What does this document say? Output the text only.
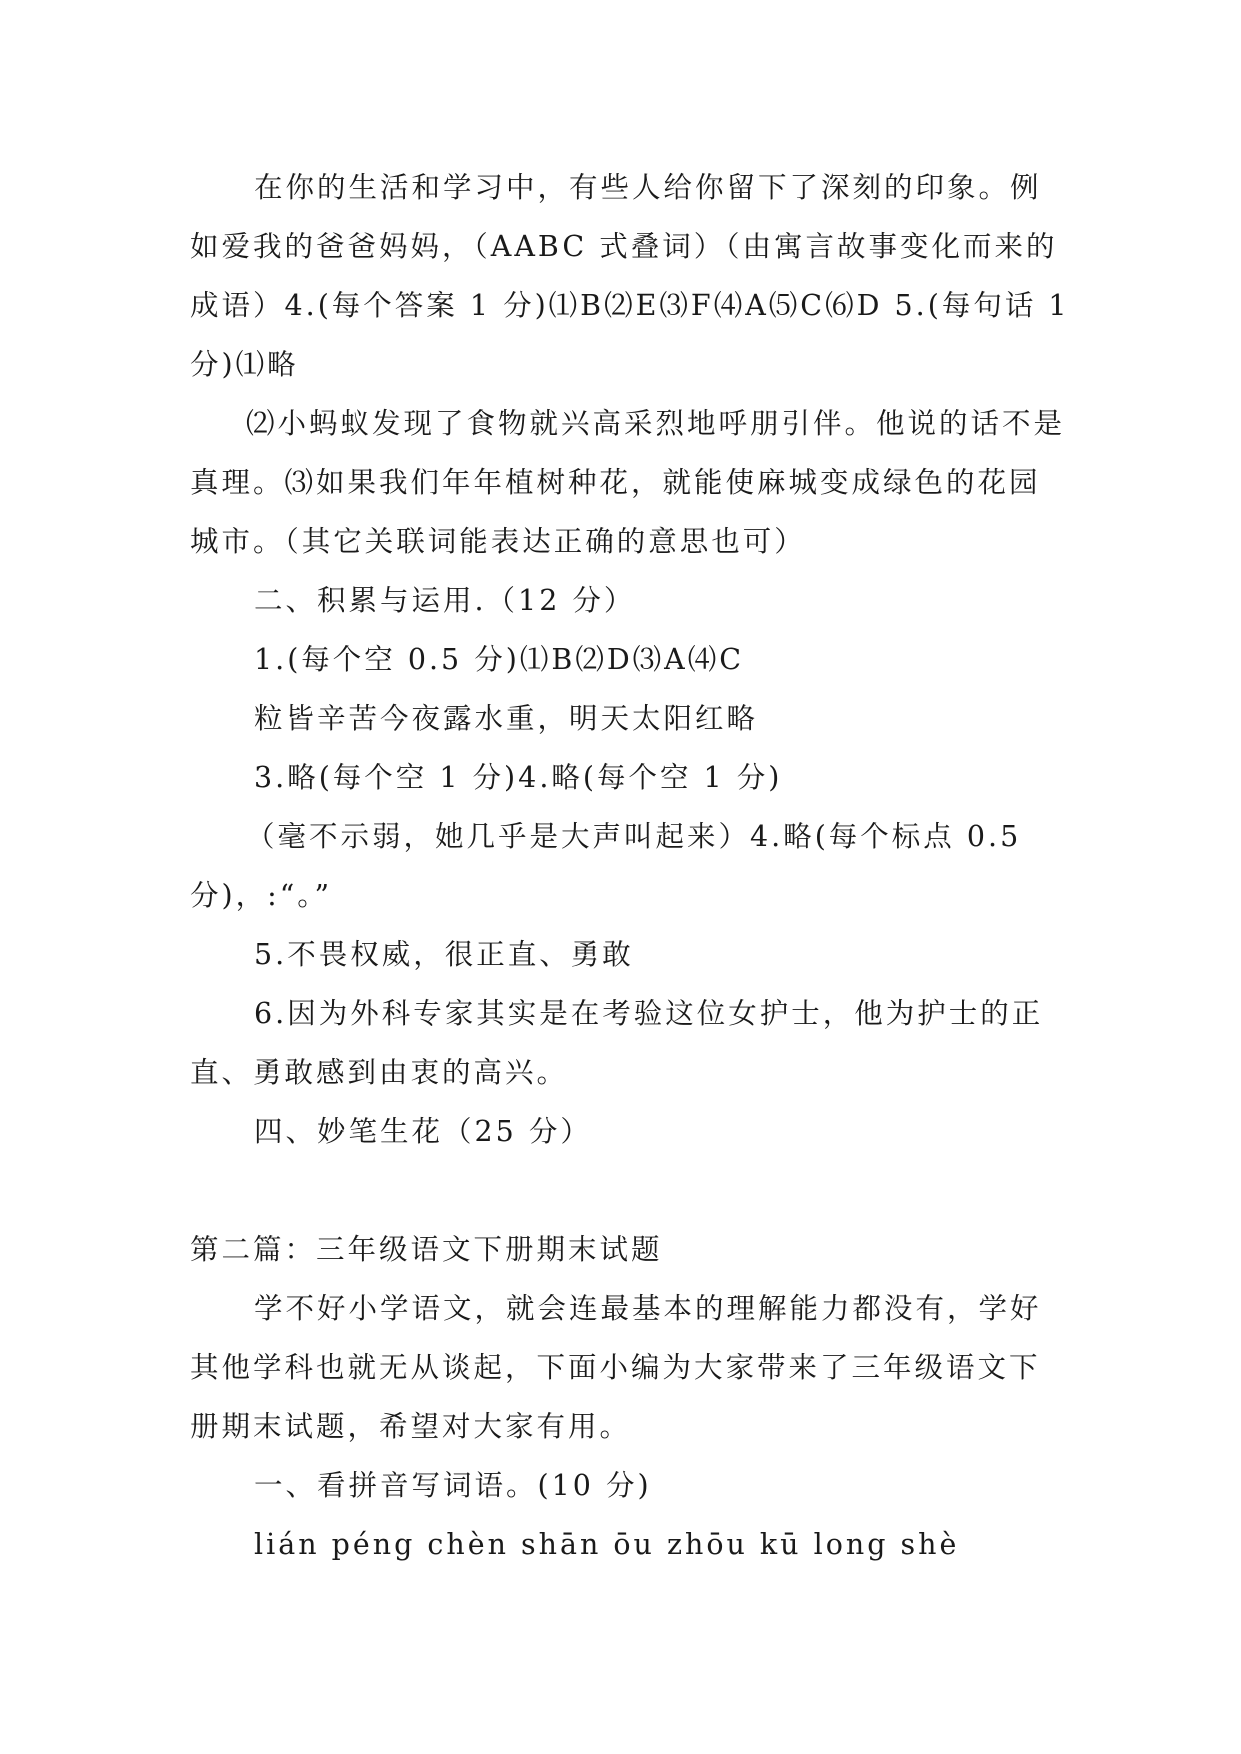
在你的生活和学习中，有些人给你留下了深刻的印象。例如爱我的爸爸妈妈，（AABC 式叠词）（由寓言故事变化而来的成语）4.(每个答案 1 分)⑴B⑵E⑶F⑷A⑸C⑹D 5.(每句话 1 分)⑴略

⑵小蚂蚁发现了食物就兴高采烈地呼朋引伴。他说的话不是真理。⑶如果我们年年植树种花，就能使麻城变成绿色的花园城市。（其它关联词能表达正确的意思也可）

二、积累与运用.（12 分）

1.(每个空 0.5 分)⑴B⑵D⑶A⑷C

粒皆辛苦今夜露水重，明天太阳红略

3.略(每个空 1 分)4.略(每个空 1 分)

（毫不示弱，她几乎是大声叫起来）4.略(每个标点 0.5 分)，:“。”

5.不畏权威，很正直、勇敢

6.因为外科专家其实是在考验这位女护士，他为护士的正直、勇敢感到由衷的高兴。

四、妙笔生花（25 分）

第二篇：三年级语文下册期末试题

学不好小学语文，就会连最基本的理解能力都没有，学好其他学科也就无从谈起，下面小编为大家带来了三年级语文下册期末试题，希望对大家有用。

一、看拼音写词语。(10 分)

lián péng chèn shān ōu zhōu kū long shè
